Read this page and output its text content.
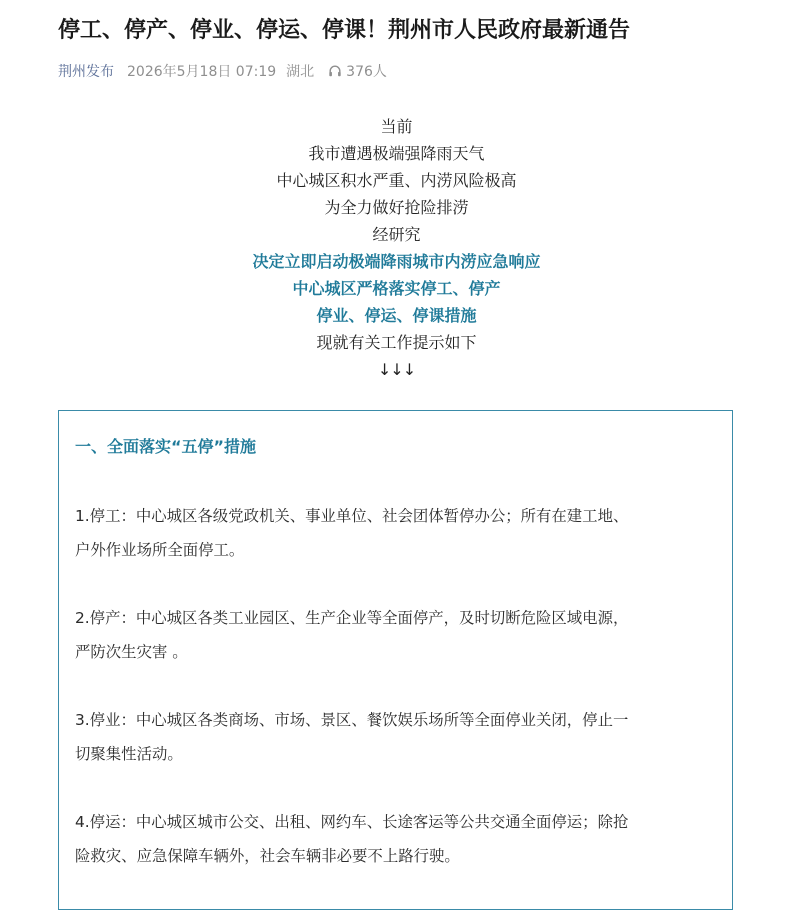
停工、停产、停业、停运、停课！荆州市人民政府最新通告
荆州发布 2026年5月18日 07:19 湖北 376人
当前
我市遭遇极端强降雨天气
中心城区积水严重、内涝风险极高
为全力做好抢险排涝
经研究
决定立即启动极端降雨城市内涝应急响应
中心城区严格落实停工、停产
停业、停运、停课措施
现就有关工作提示如下
↓↓↓
一、全面落实“五停”措施

1.停工：中心城区各级党政机关、事业单位、社会团体暂停办公；所有在建工地、
户外作业场所全面停工。

2.停产：中心城区各类工业园区、生产企业等全面停产，及时切断危险区域电源，
严防次生灾害 。

3.停业：中心城区各类商场、市场、景区、餐饮娱乐场所等全面停业关闭，停止一
切聚集性活动。

4.停运：中心城区城市公交、出租、网约车、长途客运等公共交通全面停运；除抢
险救灾、应急保障车辆外，社会车辆非必要不上路行驶。
